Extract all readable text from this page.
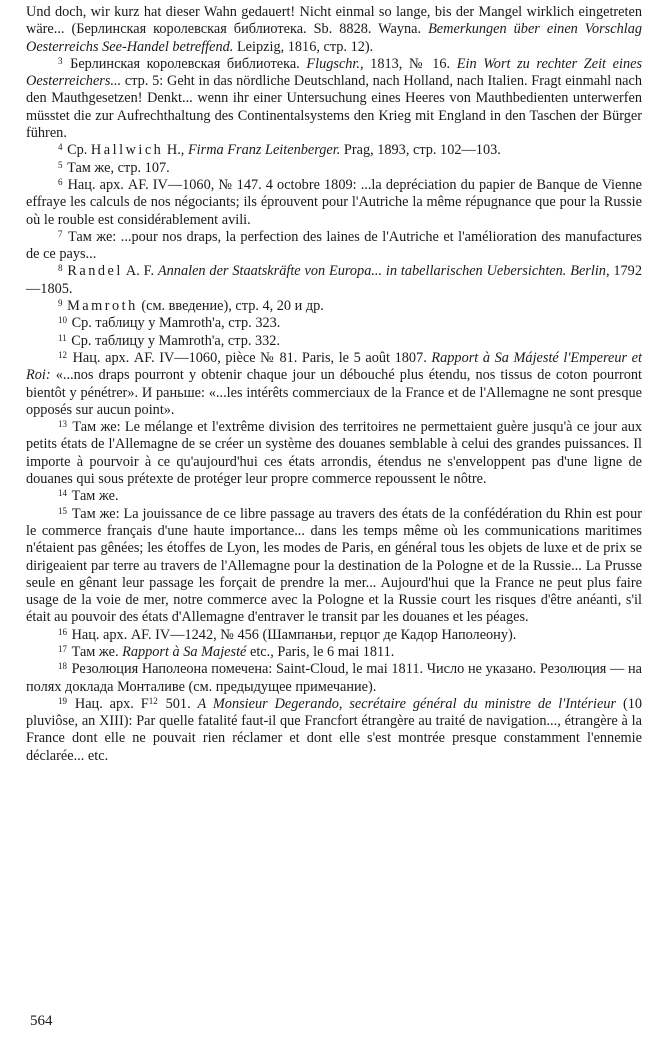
Und doch, wir kurz hat dieser Wahn gedauert! Nicht einmal so lange, bis der Mangel wirklich eingetreten wäre... (Берлинская королевская библиотека. Sb. 8828. Wayna. Bemerkungen über einen Vorschlag Oesterreichs See-Handel betreffend. Leipzig, 1816, стр. 12).

$^3$ Берлинская королевская библиотека. Flugschr., 1813, № 16. Ein Wort zu rechter Zeit eines Oesterreichers... стр. 5: Geht in das nördliche Deutschland, nach Holland, nach Italien. Fragt einmahl nach den Mauthgesetzen! Denkt... wenn ihr einer Untersuchung eines Heeres von Mauthbedienten unterwerfen müsstet die zur Aufrechthaltung des Continentalsystems den Krieg mit England in den Taschen der Bürger führen.

$^4$ Ср. Hallwich H., Firma Franz Leitenberger. Prag, 1893, стр. 102—103.

$^5$ Там же, стр. 107.

$^6$ Нац. арх. AF. IV—1060, № 147. 4 octobre 1809: ...la depréciation du papier de Banque de Vienne effraye les calculs de nos négociants; ils éprouvent pour l'Autriche la même répugnance que pour la Russie où le rouble est considérablement avili.

$^7$ Там же: ...pour nos draps, la perfection des laines de l'Autriche et l'amélioration des manufactures de ce pays...

$^8$ Randel A. F. Annalen der Staatskräfte von Europa... in tabellarischen Uebersichten. Berlin, 1792—1805.

$^9$ Mamroth (см. введение), стр. 4, 20 и др.

$^{10}$ Ср. таблицу у Mamroth'a, стр. 323.

$^{11}$ Ср. таблицу у Mamroth'a, стр. 332.

$^{12}$ Нац. арх. AF. IV—1060, pièce № 81. Paris, le 5 août 1807. Rapport à Sa Májesté l'Empereur et Roi: «...nos draps pourront y obtenir chaque jour un débouché plus étendu, nos tissus de coton pourront bientôt y pénétrer». И раньше: «...les intérêts commerciaux de la France et de l'Allemagne ne sont presque opposés sur aucun point».

$^{13}$ Там же: Le mélange et l'extrême division des territoires ne permettaient guère jusqu'à ce jour aux petits états de l'Allemagne de se créer un système des douanes semblable à celui des grandes puissances. Il importe à pourvoir à ce qu'aujourd'hui ces états arrondis, étendus ne s'enveloppent pas d'une ligne de douanes qui sous prétexte de protéger leur propre commerce repoussent le nôtre.

$^{14}$ Там же.

$^{15}$ Там же: La jouissance de ce libre passage au travers des états de la confédération du Rhin est pour le commerce français d'une haute importance... dans les temps même où les communications maritimes n'étaient pas gênées; les étoffes de Lyon, les modes de Paris, en général tous les objets de luxe et de prix se dirigeaient par terre au travers de l'Allemagne pour la destination de la Pologne et de la Russie... La Prusse seule en gênant leur passage les forçait de prendre la mer... Aujourd'hui que la France ne peut plus faire usage de la voie de mer, notre commerce avec la Pologne et la Russie court les risques d'être anéanti, s'il était au pouvoir des états d'Allemagne d'entraver le transit par les douanes et les péages.

$^{16}$ Нац. арх. AF. IV—1242, № 456 (Шампаньи, герцог де Кадор Наполеону).

$^{17}$ Там же. Rapport à Sa Majesté etc., Paris, le 6 mai 1811.

$^{18}$ Резолюция Наполеона помечена: Saint-Cloud, le mai 1811. Число не указано. Резолюция — на полях доклада Монталиве (см. предыдущее примечание).

$^{19}$ Нац. арх. $F^{12}$ 501. A Monsieur Degerando, secrétaire général du ministre de l'Intérieur (10 pluviôse, an XIII): Par quelle fatalité faut-il que Francfort étrangère au traité de navigation..., étrangère à la France dont elle ne pouvait rien réclamer et dont elle s'est montrée presque constamment l'ennemie déclarée... etc.

564
